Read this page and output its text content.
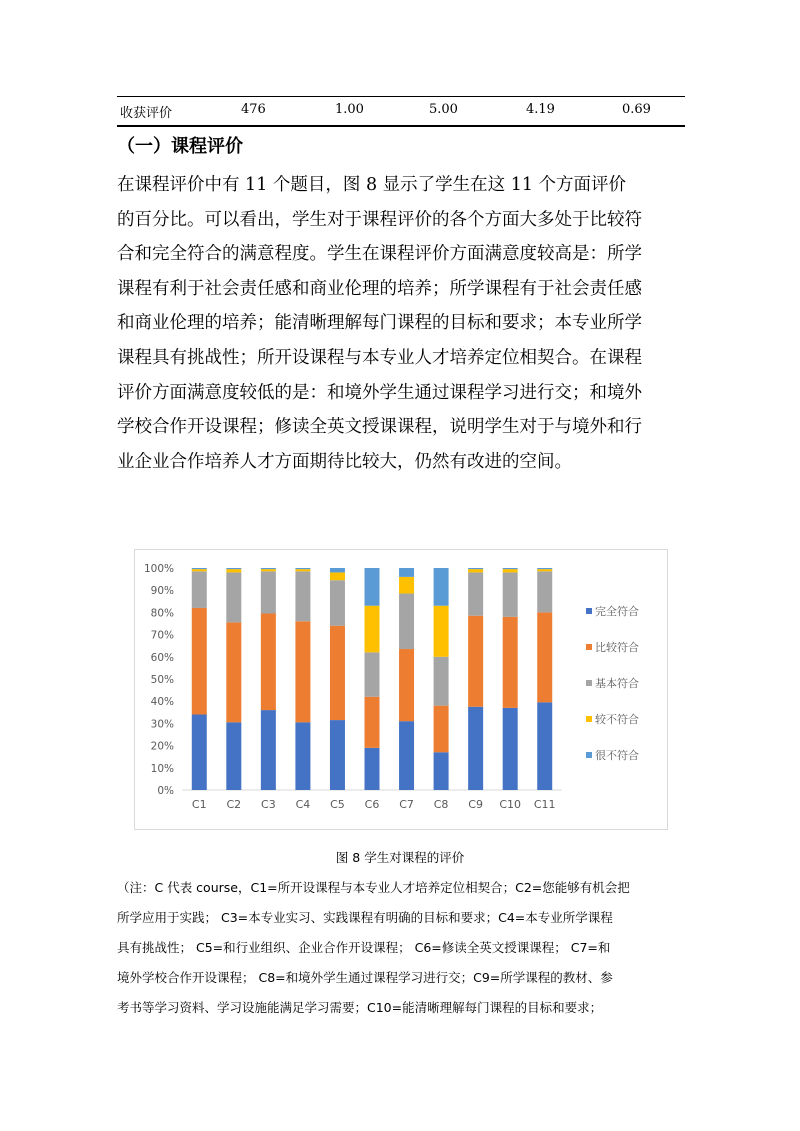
收获评价	476	1.00	5.00	4.19	0.69
（一）课程评价
在课程评价中有 11 个题目，图 8 显示了学生在这 11 个方面评价
的百分比。可以看出，学生对于课程评价的各个方面大多处于比较符
合和完全符合的满意程度。学生在课程评价方面满意度较高是：所学
课程有利于社会责任感和商业伦理的培养；所学课程有于社会责任感
和商业伦理的培养；能清晰理解每门课程的目标和要求；本专业所学
课程具有挑战性；所开设课程与本专业人才培养定位相契合。在课程
评价方面满意度较低的是：和境外学生通过课程学习进行交；和境外
学校合作开设课程；修读全英文授课课程，说明学生对于与境外和行
业企业合作培养人才方面期待比较大，仍然有改进的空间。
0%
10%
20%
30%
40%
50%
60%
70%
80%
90%
100%
C1 C2 C3 C4 C5 C6 C7 C8 C9 C10 C11
完全符合
比较符合
基本符合
较不符合
很不符合
图 8 学生对课程的评价
（注：C 代表 course，C1=所开设课程与本专业人才培养定位相契合；C2=您能够有机会把
所学应用于实践； C3=本专业实习、实践课程有明确的目标和要求；C4=本专业所学课程
具有挑战性； C5=和行业组织、企业合作开设课程； C6=修读全英文授课课程； C7=和
境外学校合作开设课程； C8=和境外学生通过课程学习进行交；C9=所学课程的教材、参
考书等学习资料、学习设施能满足学习需要；C10=能清晰理解每门课程的目标和要求；
